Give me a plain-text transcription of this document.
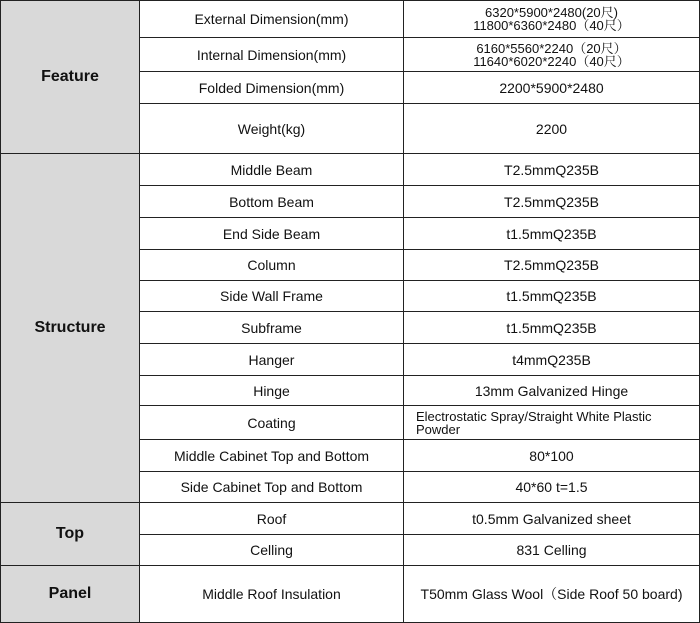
Feature	External Dimension(mm)	6320*5900*2480(20尺)
11800*6360*2480（40尺）

	Internal Dimension(mm)	6160*5560*2240（20尺）
11640*6020*2240（40尺）

	Folded Dimension(mm)	2200*5900*2480
	Weight(kg)	2200
Structure	Middle Beam	T2.5mmQ235B
	Bottom Beam	T2.5mmQ235B
	End Side Beam	t1.5mmQ235B
	Column	T2.5mmQ235B
	Side Wall Frame	t1.5mmQ235B
	Subframe	t1.5mmQ235B
	Hanger	t4mmQ235B
	Hinge	13mm Galvanized Hinge
	Coating	Electrostatic Spray/Straight White Plastic
Powder

	Middle Cabinet Top and Bottom	80*100
	Side Cabinet Top and Bottom	40*60 t=1.5
Top	Roof	t0.5mm Galvanized sheet
	Celling	831 Celling
Panel	Middle Roof Insulation	T50mm Glass Wool（Side Roof 50 board)
